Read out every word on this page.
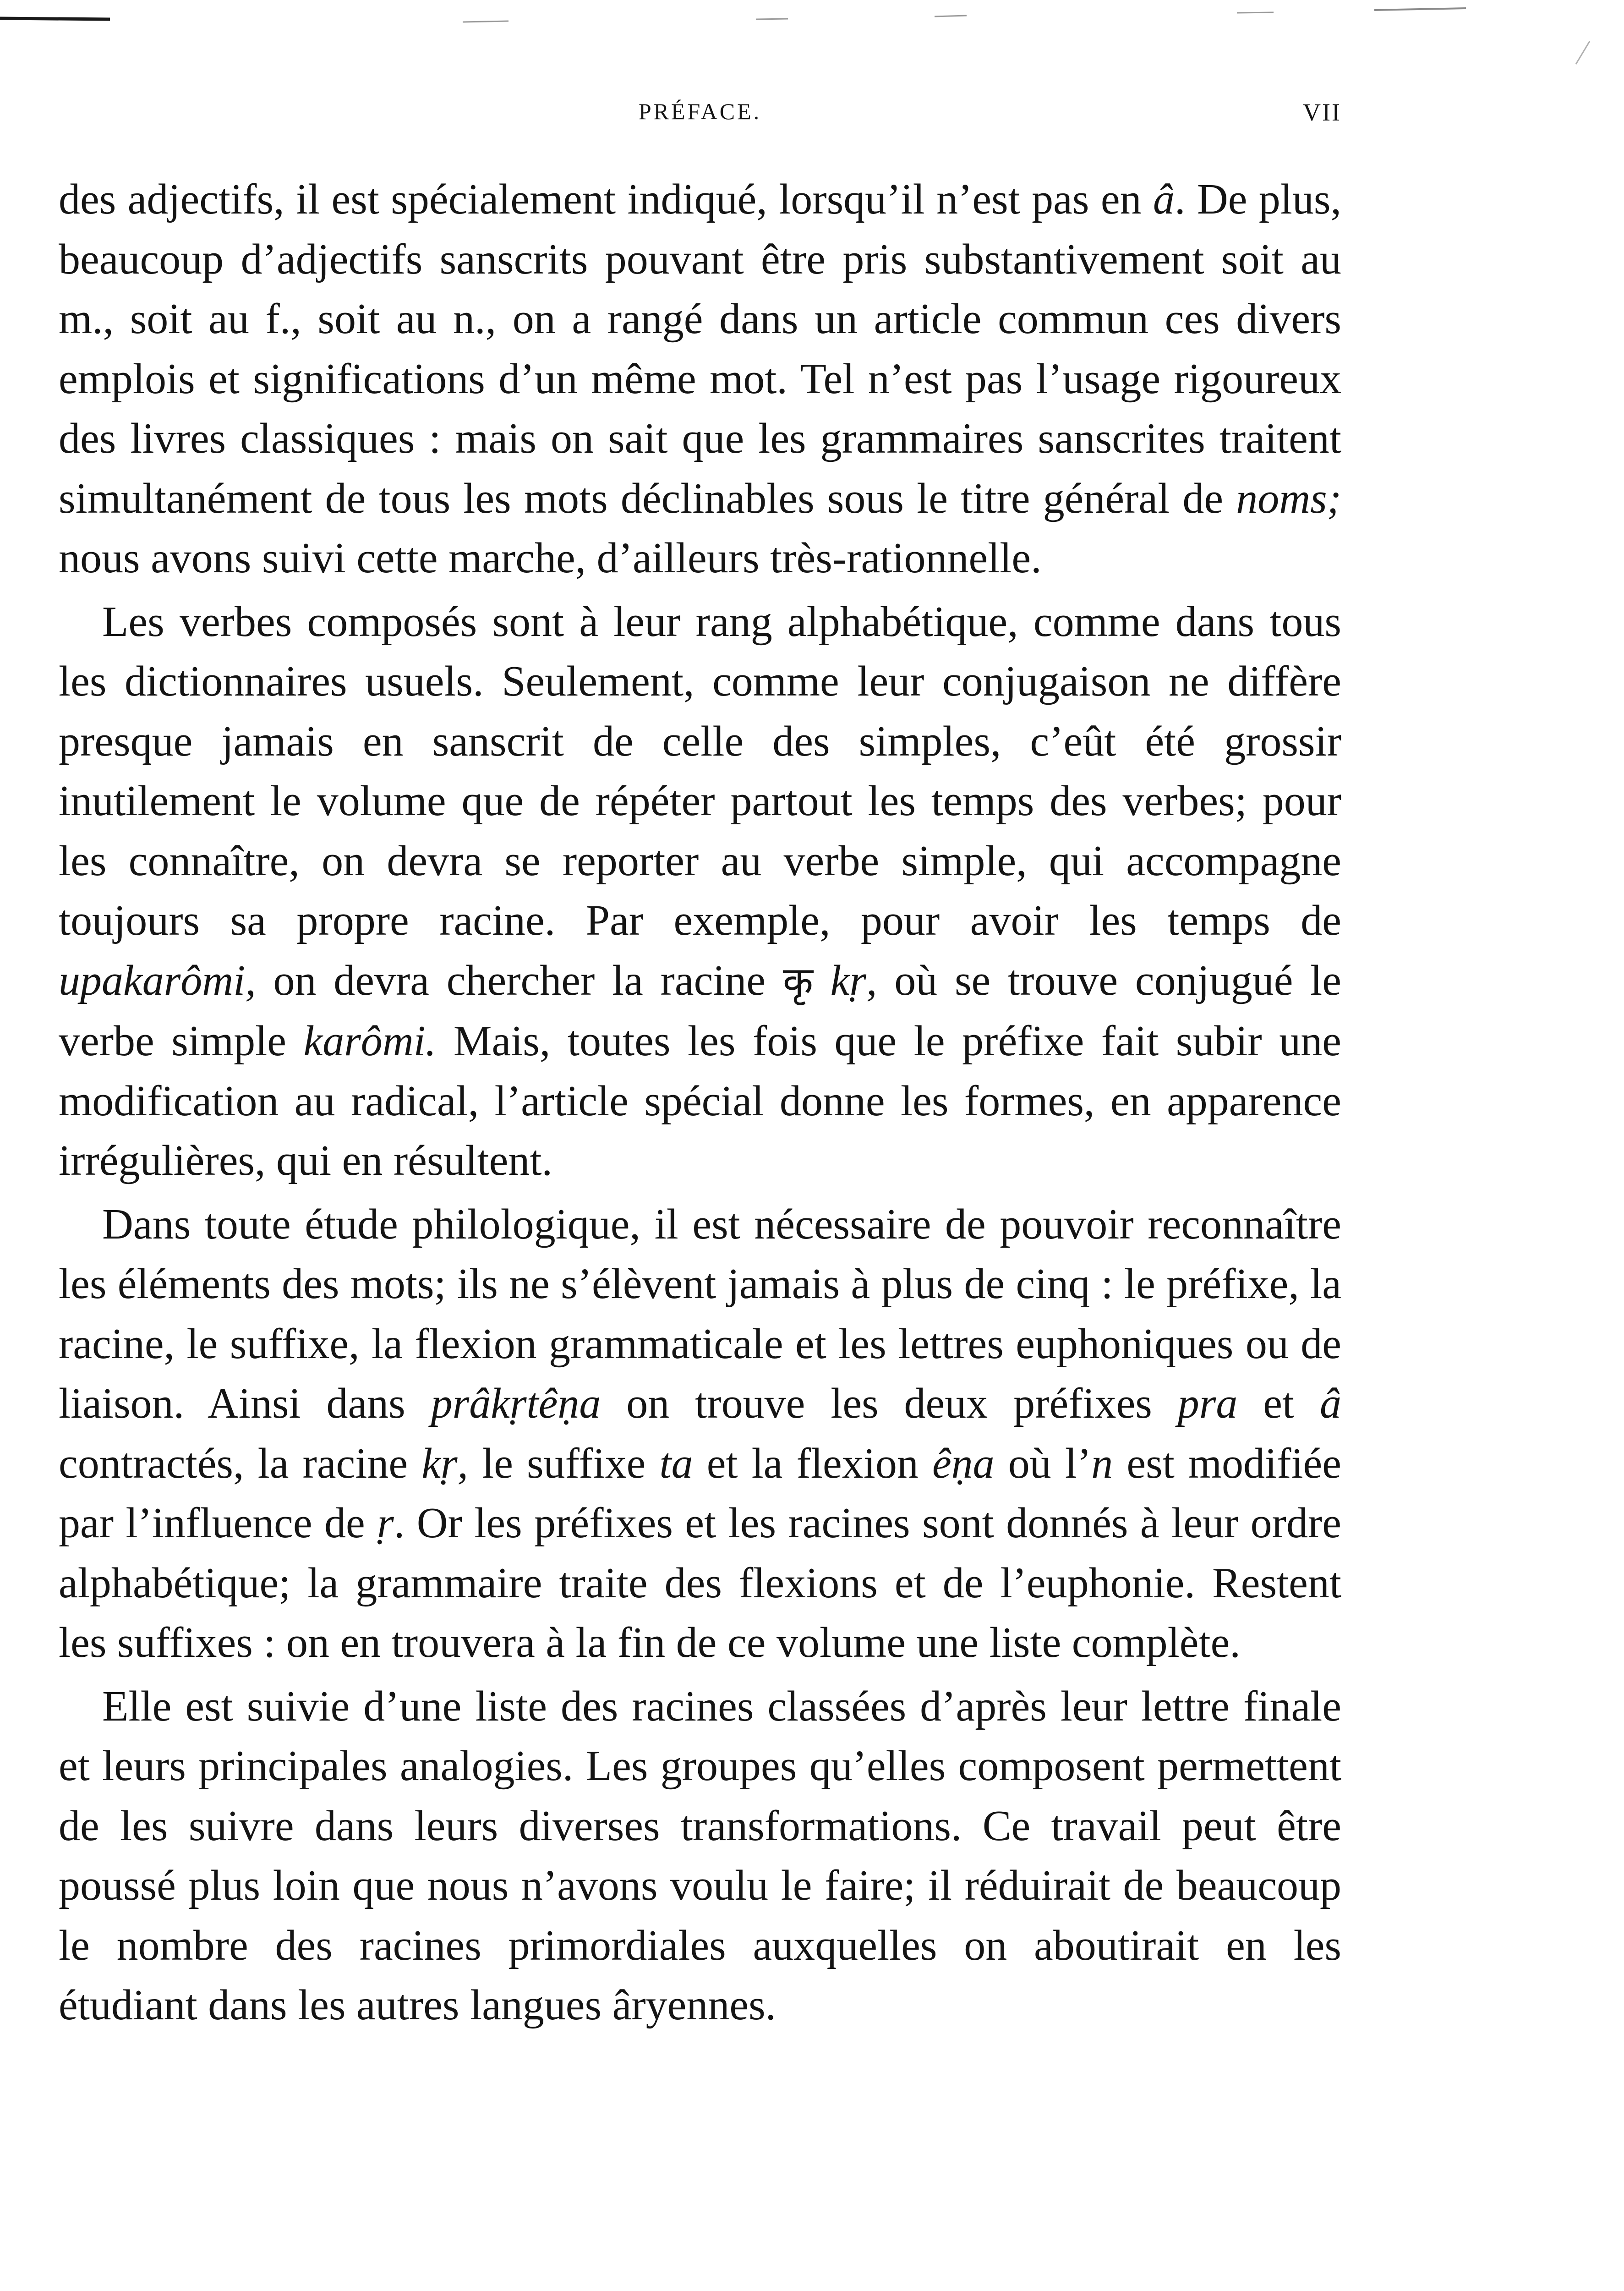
PRÉFACE.	VII

des adjectifs, il est spécialement indiqué, lorsqu’il n’est pas en â. De plus, beaucoup d’adjectifs sanscrits pouvant être pris substantivement soit au m., soit au f., soit au n., on a rangé dans un article commun ces divers emplois et significations d’un même mot. Tel n’est pas l’usage rigoureux des livres classiques : mais on sait que les grammaires sanscrites traitent simultanément de tous les mots déclinables sous le titre général de noms; nous avons suivi cette marche, d’ailleurs très-rationnelle.

Les verbes composés sont à leur rang alphabétique, comme dans tous les dictionnaires usuels. Seulement, comme leur conjugaison ne diffère presque jamais en sanscrit de celle des simples, c’eût été grossir inutilement le volume que de répéter partout les temps des verbes; pour les connaître, on devra se reporter au verbe simple, qui accompagne toujours sa propre racine. Par exemple, pour avoir les temps de upakarômi, on devra chercher la racine कृ kṛ, où se trouve conjugué le verbe simple karômi. Mais, toutes les fois que le préfixe fait subir une modification au radical, l’article spécial donne les formes, en apparence irrégulières, qui en résultent.

Dans toute étude philologique, il est nécessaire de pouvoir reconnaître les éléments des mots; ils ne s’élèvent jamais à plus de cinq : le préfixe, la racine, le suffixe, la flexion grammaticale et les lettres euphoniques ou de liaison. Ainsi dans prâkṛtêṇa on trouve les deux préfixes pra et â contractés, la racine kṛ, le suffixe ta et la flexion êṇa où l’n est modifiée par l’influence de ṛ. Or les préfixes et les racines sont donnés à leur ordre alphabétique; la grammaire traite des flexions et de l’euphonie. Restent les suffixes : on en trouvera à la fin de ce volume une liste complète.

Elle est suivie d’une liste des racines classées d’après leur lettre finale et leurs principales analogies. Les groupes qu’elles composent permettent de les suivre dans leurs diverses transformations. Ce travail peut être poussé plus loin que nous n’avons voulu le faire; il réduirait de beaucoup le nombre des racines primordiales auxquelles on aboutirait en les étudiant dans les autres langues âryennes.
